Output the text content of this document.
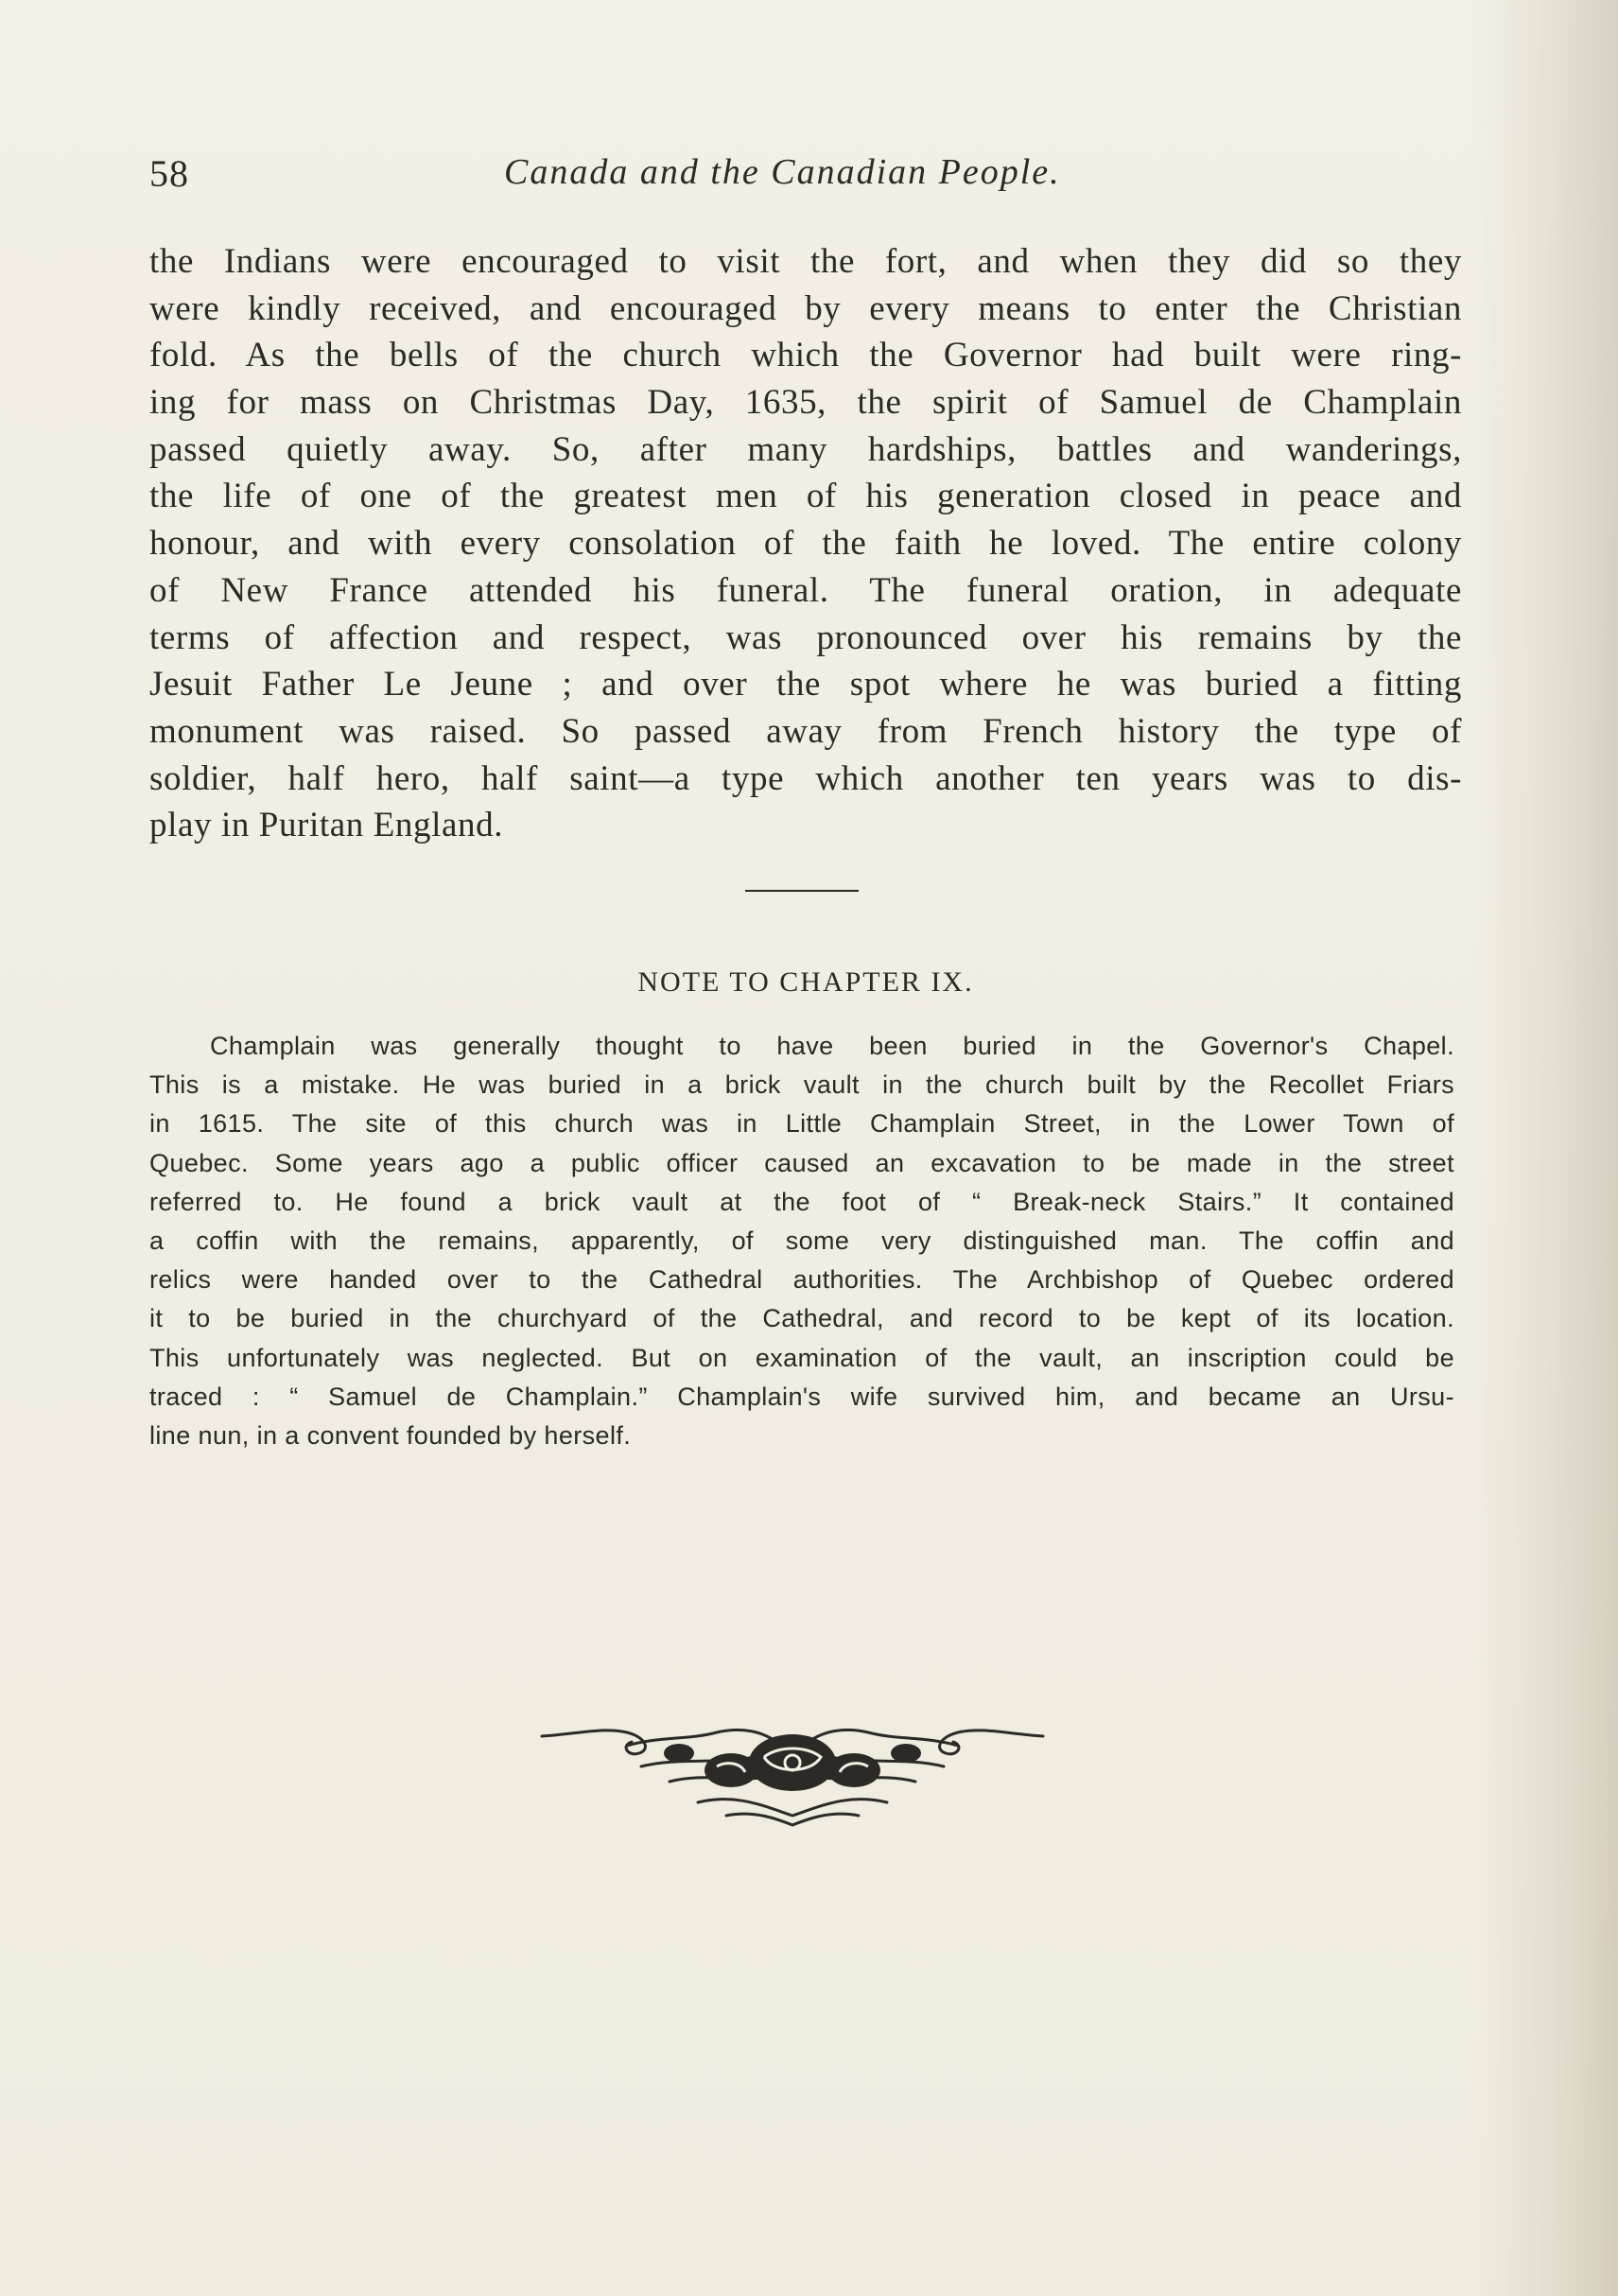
58	Canada and the Canadian People.
the Indians were encouraged to visit the fort, and when they did so they
were kindly received, and encouraged by every means to enter the Christian
fold. As the bells of the church which the Governor had built were ring-
ing for mass on Christmas Day, 1635, the spirit of Samuel de Champlain
passed quietly away. So, after many hardships, battles and wanderings,
the life of one of the greatest men of his generation closed in peace and
honour, and with every consolation of the faith he loved. The entire colony
of New France attended his funeral. The funeral oration, in adequate
terms of affection and respect, was pronounced over his remains by the
Jesuit Father Le Jeune ; and over the spot where he was buried a fitting
monument was raised. So passed away from French history the type of
soldier, half hero, half saint—a type which another ten years was to dis-
play in Puritan England.
NOTE TO CHAPTER IX.
Champlain was generally thought to have been buried in the Governor's Chapel.
This is a mistake. He was buried in a brick vault in the church built by the Recollet Friars
in 1615. The site of this church was in Little Champlain Street, in the Lower Town of
Quebec. Some years ago a public officer caused an excavation to be made in the street
referred to. He found a brick vault at the foot of “ Break-neck Stairs.” It contained
a coffin with the remains, apparently, of some very distinguished man. The coffin and
relics were handed over to the Cathedral authorities. The Archbishop of Quebec ordered
it to be buried in the churchyard of the Cathedral, and record to be kept of its location.
This unfortunately was neglected. But on examination of the vault, an inscription could be
traced : “ Samuel de Champlain.” Champlain's wife survived him, and became an Ursu-
line nun, in a convent founded by herself.
